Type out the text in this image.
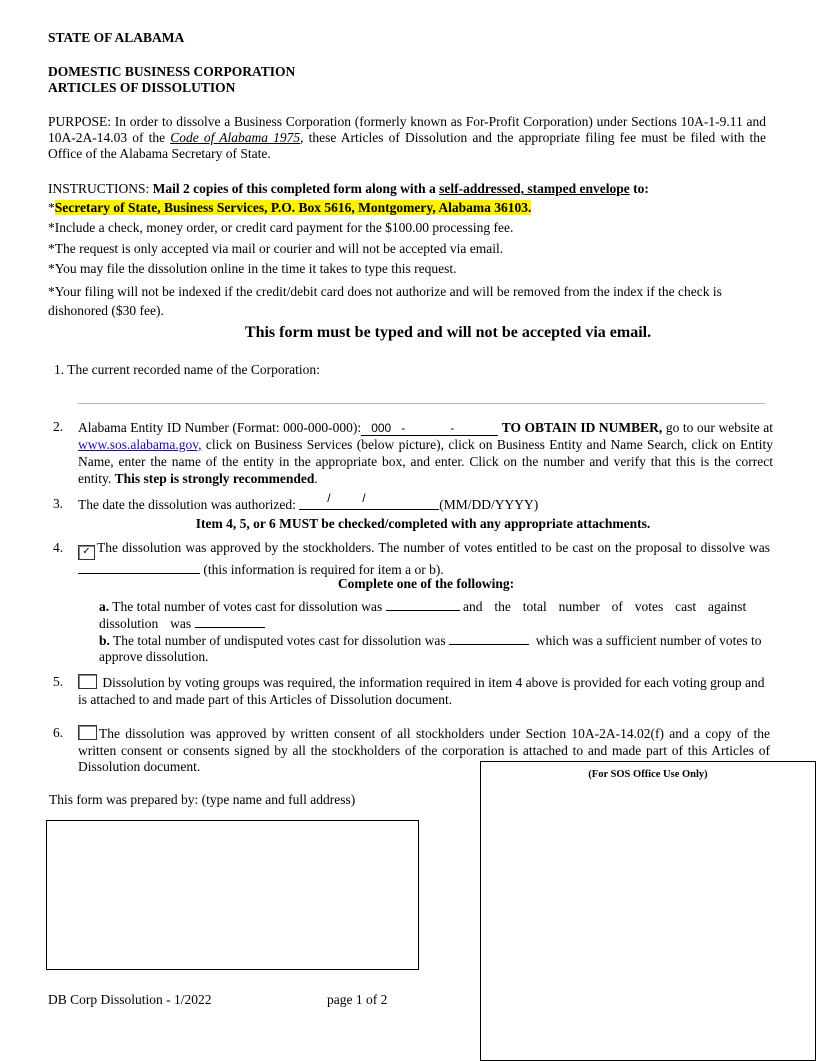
STATE OF ALABAMA
DOMESTIC BUSINESS CORPORATION
ARTICLES OF DISSOLUTION
PURPOSE: In order to dissolve a Business Corporation (formerly known as For-Profit Corporation) under Sections 10A-1-9.11 and 10A-2A-14.03 of the Code of Alabama 1975, these Articles of Dissolution and the appropriate filing fee must be filed with the Office of the Alabama Secretary of State.
INSTRUCTIONS: Mail 2 copies of this completed form along with a self-addressed, stamped envelope to:
*Secretary of State, Business Services, P.O. Box 5616, Montgomery, Alabama 36103.
*Include a check, money order, or credit card payment for the $100.00 processing fee.
*The request is only accepted via mail or courier and will not be accepted via email.
*You may file the dissolution online in the time it takes to type this request.
*Your filing will not be indexed if the credit/debit card does not authorize and will be removed from the index if the check is dishonored ($30 fee).
This form must be typed and will not be accepted via email.
1. The current recorded name of the Corporation:
2. Alabama Entity ID Number (Format: 000-000-000): 000 -	-	TO OBTAIN ID NUMBER, go to our website at www.sos.alabama.gov, click on Business Services (below picture), click on Business Entity and Name Search, click on Entity Name, enter the name of the entity in the appropriate box, and enter. Click on the number and verify that this is the correct entity. This step is strongly recommended.
3. The date the dissolution was authorized:	/	/	(MM/DD/YYYY)
Item 4, 5, or 6 MUST be checked/completed with any appropriate attachments.
4.	✓ The dissolution was approved by the stockholders. The number of votes entitled to be cast on the proposal to dissolve was  (this information is required for item a or b).
Complete one of the following:
a. The total number of votes cast for dissolution was	and the total number of votes cast against dissolution was
b. The total number of undisputed votes cast for dissolution was	which was a sufficient number of votes to approve dissolution.
5.	Dissolution by voting groups was required, the information required in item 4 above is provided for each voting group and is attached to and made part of this Articles of Dissolution document.
6.	The dissolution was approved by written consent of all stockholders under Section 10A-2A-14.02(f) and a copy of the written consent or consents signed by all the stockholders of the corporation is attached to and made part of this Articles of Dissolution document.
(For SOS Office Use Only)
This form was prepared by: (type name and full address)
DB Corp Dissolution - 1/2022	page 1 of 2
